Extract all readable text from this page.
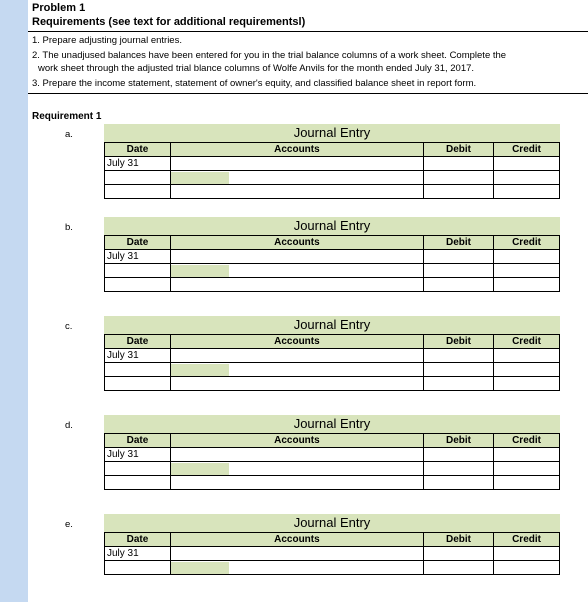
Problem 1
Requirements (see text for additional requirementsl)
1. Prepare adjusting journal entries.
2. The unadjused balances have been entered for you in the trial balance columns of a work sheet. Complete the
work sheet through the adjusted trial blance columns of Wolfe Anvils for the month ended July 31, 2017.
3. Prepare the income statement, statement of owner's equity, and classified balance sheet in report form.
Requirement 1
a.	Journal Entry
Date	Accounts	Debit	Credit
July 31			

b.	Journal Entry
Date	Accounts	Debit	Credit
July 31			

c.	Journal Entry
Date	Accounts	Debit	Credit
July 31			

d.	Journal Entry
Date	Accounts	Debit	Credit
July 31			

e.	Journal Entry
Date	Accounts	Debit	Credit
July 31			
